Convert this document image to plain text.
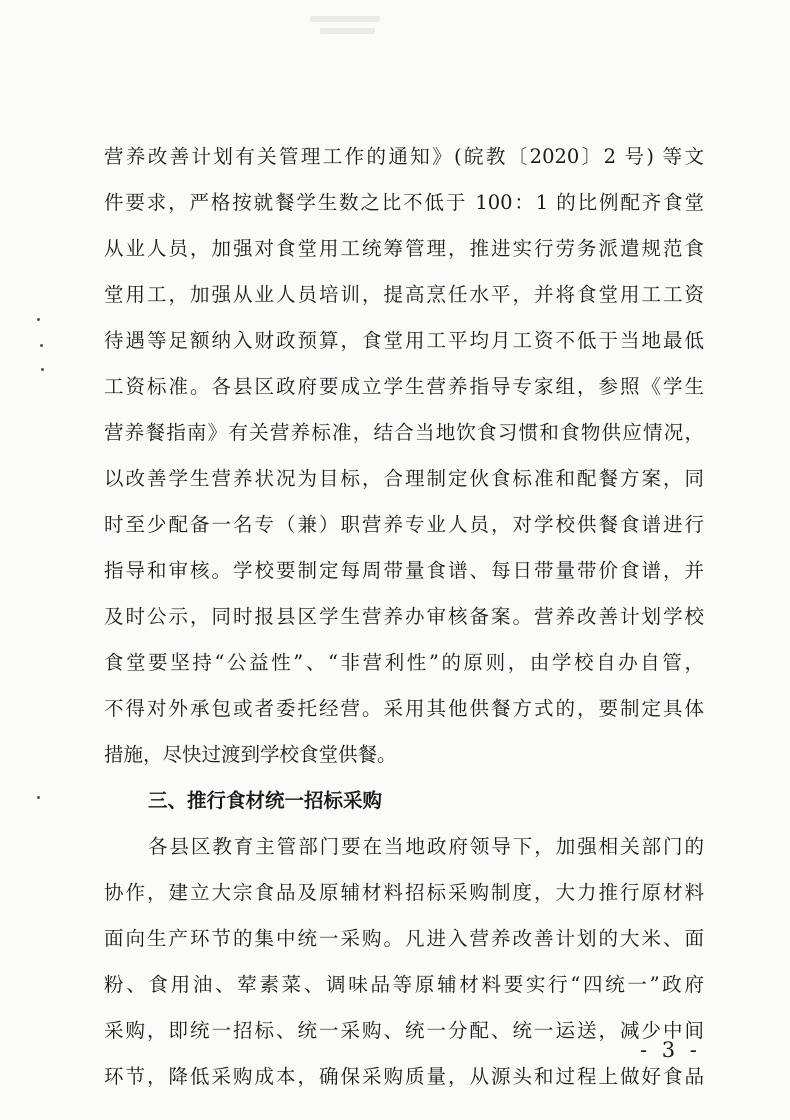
营养改善计划有关管理工作的通知》(皖教〔2020〕2 号) 等文
件要求，严格按就餐学生数之比不低于 100：1 的比例配齐食堂
从业人员，加强对食堂用工统筹管理，推进实行劳务派遣规范食
堂用工，加强从业人员培训，提高烹任水平，并将食堂用工工资
待遇等足额纳入财政预算，食堂用工平均月工资不低于当地最低
工资标准。各县区政府要成立学生营养指导专家组，参照《学生
营养餐指南》有关营养标准，结合当地饮食习惯和食物供应情况，
以改善学生营养状况为目标，合理制定伙食标准和配餐方案，同
时至少配备一名专（兼）职营养专业人员，对学校供餐食谱进行
指导和审核。学校要制定每周带量食谱、每日带量带价食谱，并
及时公示，同时报县区学生营养办审核备案。营养改善计划学校
食堂要坚持“公益性”、“非营利性”的原则，由学校自办自管，
不得对外承包或者委托经营。采用其他供餐方式的，要制定具体
措施，尽快过渡到学校食堂供餐。
三、推行食材统一招标采购
各县区教育主管部门要在当地政府领导下，加强相关部门的
协作，建立大宗食品及原辅材料招标采购制度，大力推行原材料
面向生产环节的集中统一采购。凡进入营养改善计划的大米、面
粉、食用油、荤素菜、调味品等原辅材料要实行“四统一”政府
采购，即统一招标、统一采购、统一分配、统一运送，减少中间
环节，降低采购成本，确保采购质量，从源头和过程上做好食品
- 3 -
